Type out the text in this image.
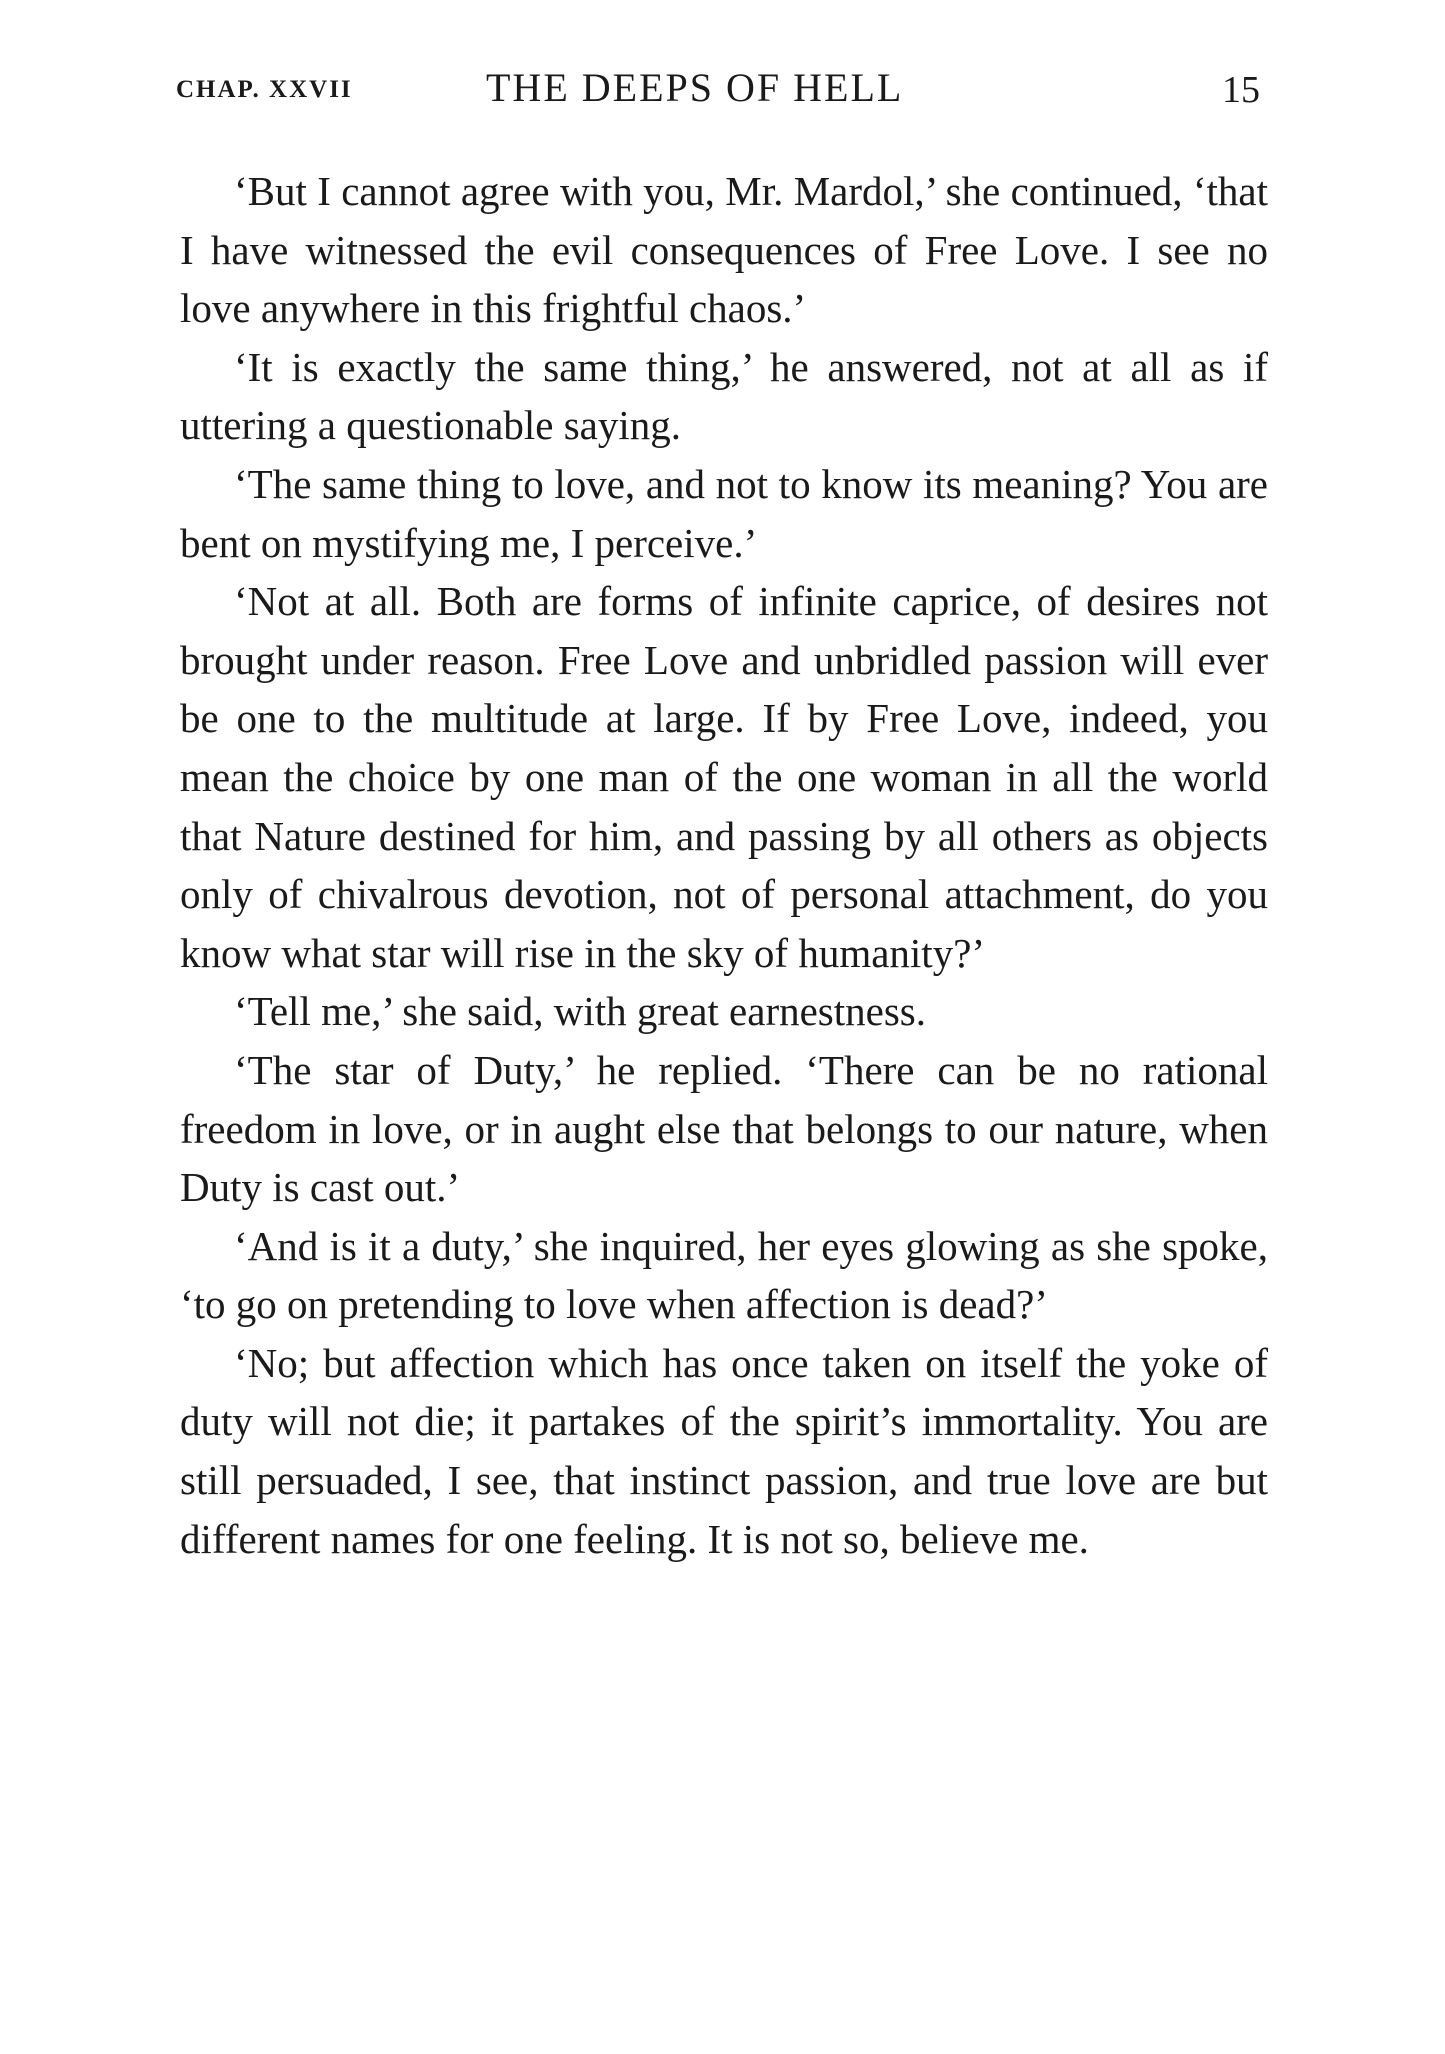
CHAP. XXVII	THE DEEPS OF HELL	15

‘But I cannot agree with you, Mr. Mardol,’ she continued, ‘that I have witnessed the evil consequences of Free Love. I see no love anywhere in this frightful chaos.’

‘It is exactly the same thing,’ he answered, not at all as if uttering a questionable saying.

‘The same thing to love, and not to know its meaning? You are bent on mystifying me, I perceive.’

‘Not at all. Both are forms of infinite caprice, of desires not brought under reason. Free Love and unbridled passion will ever be one to the multitude at large. If by Free Love, indeed, you mean the choice by one man of the one woman in all the world that Nature destined for him, and passing by all others as objects only of chivalrous devotion, not of personal attachment, do you know what star will rise in the sky of humanity?’

‘Tell me,’ she said, with great earnestness.

‘The star of Duty,’ he replied. ‘There can be no rational freedom in love, or in aught else that belongs to our nature, when Duty is cast out.’

‘And is it a duty,’ she inquired, her eyes glowing as she spoke, ‘to go on pretending to love when affection is dead?’

‘No; but affection which has once taken on itself the yoke of duty will not die; it partakes of the spirit’s immortality. You are still persuaded, I see, that instinct passion, and true love are but different names for one feeling. It is not so, believe me.
